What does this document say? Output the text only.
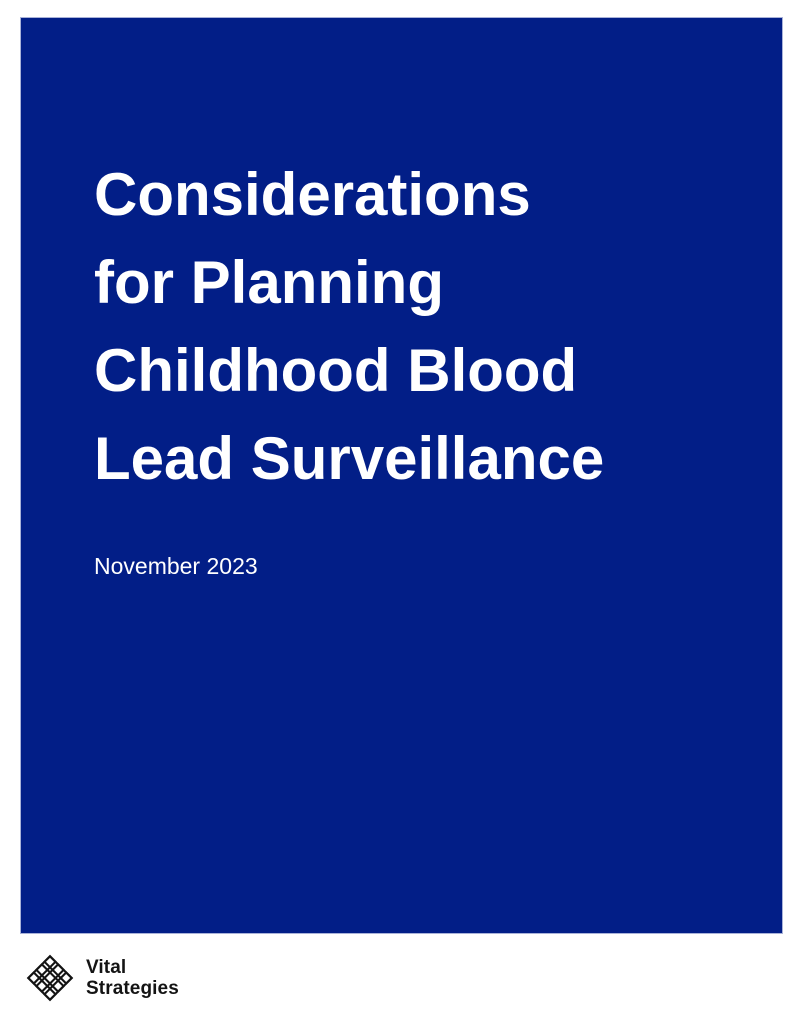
Considerations
for Planning
Childhood Blood
Lead Surveillance

November 2023

Vital
Strategies
